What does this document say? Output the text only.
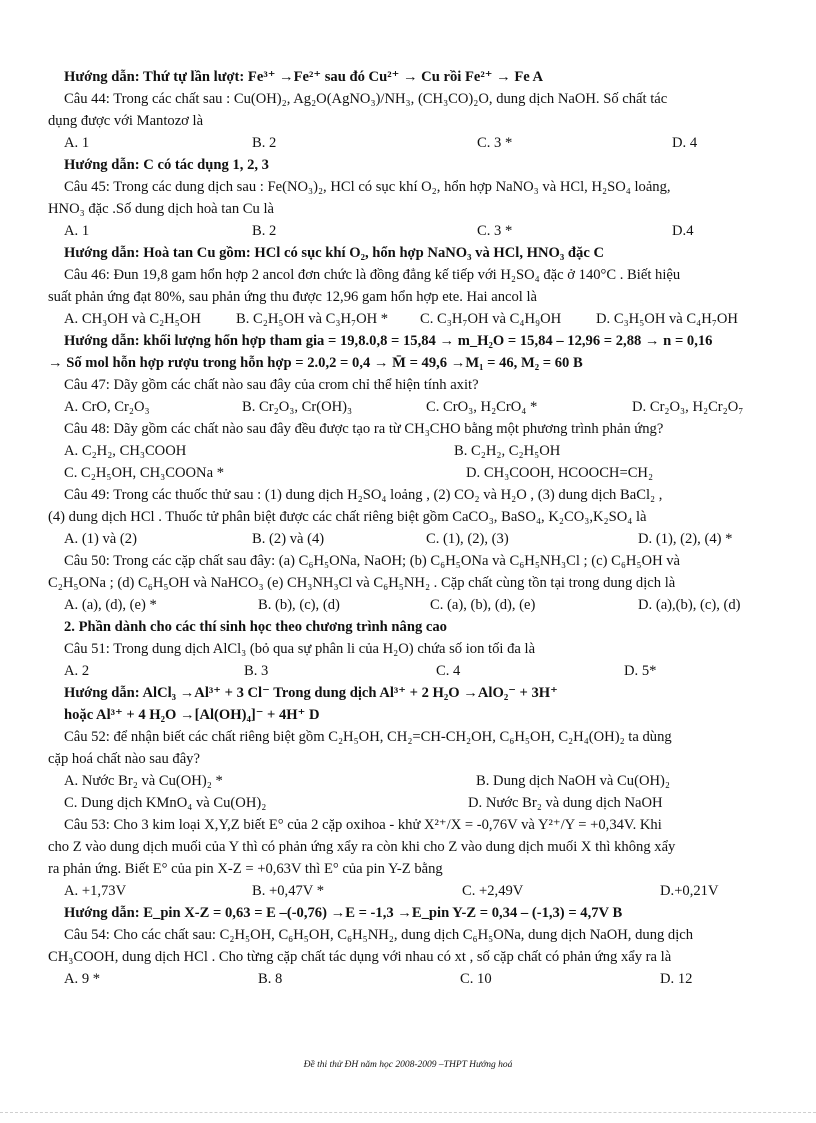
Hướng dẫn: Thứ tự lần lượt: Fe³⁺ →Fe²⁺ sau đó Cu²⁺ → Cu rồi Fe²⁺ → Fe A
Câu 44: Trong các chất sau : Cu(OH)₂, Ag₂O(AgNO₃)/NH₃, (CH₃CO)₂O, dung dịch NaOH. Số chất tác
dụng được với Mantozơ là
A. 1	B. 2	C. 3 *	D. 4
Hướng dẫn: C có tác dụng 1, 2, 3
Câu 45: Trong các dung dịch sau : Fe(NO₃)₂, HCl có sục khí O₂, hổn hợp NaNO₃ và HCl, H₂SO₄ loảng,
HNO₃ đặc .Số dung dịch hoà tan Cu là
A. 1	B. 2	C. 3 *	D.4
Hướng dẫn: Hoà tan Cu gồm: HCl có sục khí O₂, hổn hợp NaNO₃ và HCl, HNO₃ đặc C
Câu 46: Đun 19,8 gam hổn hợp 2 ancol đơn chức là đồng đẳng kế tiếp với H₂SO₄ đặc ở 140°C . Biết hiệu
suất phản ứng đạt 80%, sau phản ứng thu được 12,96 gam hổn hợp ete. Hai ancol là
A. CH₃OH và C₂H₅OH B. C₂H₅OH và C₃H₇OH * C. C₃H₇OH và C₄H₉OH D. C₃H₅OH và C₄H₇OH
Hướng dẫn: khối lượng hổn hợp tham gia = 19,8.0,8 = 15,84 → m_H₂O = 15,84 – 12,96 = 2,88 → n = 0,16
→ Số mol hỗn hợp rượu trong hỗn hợp = 2.0,2 = 0,4 → M̄ = 49,6 →M₁ = 46, M₂ = 60 B
Câu 47: Dãy gồm các chất nào sau đây của crom chỉ thể hiện tính axit?
A. CrO, Cr₂O₃	B. Cr₂O₃, Cr(OH)₃	C. CrO₃, H₂CrO₄ *	D. Cr₂O₃, H₂Cr₂O₇
Câu 48: Dãy gồm các chất nào sau đây đều được tạo ra từ CH₃CHO bằng một phương trình phản ứng?
A. C₂H₂, CH₃COOH	B. C₂H₂, C₂H₅OH
C. C₂H₅OH, CH₃COONa *	D. CH₃COOH, HCOOCH=CH₂
Câu 49: Trong các thuốc thử sau : (1) dung dịch H₂SO₄ loảng , (2) CO₂ và H₂O , (3) dung dịch BaCl₂ ,
(4) dung dịch HCl . Thuốc tử phân biệt được các chất riêng biệt gồm CaCO₃, BaSO₄, K₂CO₃,K₂SO₄ là
A. (1) và (2)	B. (2) và (4)	C. (1), (2), (3)	D. (1), (2), (4) *
Câu 50: Trong các cặp chất sau đây: (a) C₆H₅ONa, NaOH; (b) C₆H₅ONa và C₆H₅NH₃Cl ; (c) C₆H₅OH và
C₂H₅ONa ; (d) C₆H₅OH và NaHCO₃ (e) CH₃NH₃Cl và C₆H₅NH₂ . Cặp chất cùng tồn tại trong dung dịch là
A. (a), (d), (e) *	B. (b), (c), (d)	C. (a), (b), (d), (e)	D. (a),(b), (c), (d)
2. Phần dành cho các thí sinh học theo chương trình nâng cao
Câu 51: Trong dung dịch AlCl₃ (bỏ qua sự phân li của H₂O) chứa số ion tối đa là
A. 2	B. 3	C. 4	D. 5*
Hướng dẫn: AlCl₃ →Al³⁺ + 3 Cl⁻ Trong dung dịch Al³⁺ + 2 H₂O →AlO₂⁻ + 3H⁺
hoặc Al³⁺ + 4 H₂O →[Al(OH)₄]⁻ + 4H⁺ D
Câu 52: để nhận biết các chất riêng biệt gồm C₂H₅OH, CH₂=CH-CH₂OH, C₆H₅OH, C₂H₄(OH)₂ ta dùng
cặp hoá chất nào sau đây?
A. Nước Br₂ và Cu(OH)₂ *	B. Dung dịch NaOH và Cu(OH)₂
C. Dung dịch KMnO₄ và Cu(OH)₂	D. Nước Br₂ và dung dịch NaOH
Câu 53: Cho 3 kim loại X,Y,Z biết E° của 2 cặp oxihoa - khử X²⁺/X = -0,76V và Y²⁺/Y = +0,34V. Khi
cho Z vào dung dịch muối của Y thì có phản ứng xẩy ra còn khi cho Z vào dung dịch muối X thì không xẩy
ra phản ứng. Biết E° của pin X-Z = +0,63V thì E° của pin Y-Z bằng
A. +1,73V	B. +0,47V *	C. +2,49V	D.+0,21V
Hướng dẫn: E_pin X-Z = 0,63 = E –(-0,76) →E = -1,3 →E_pin Y-Z = 0,34 – (-1,3) = 4,7V B
Câu 54: Cho các chất sau: C₂H₅OH, C₆H₅OH, C₆H₅NH₂, dung dịch C₆H₅ONa, dung dịch NaOH, dung dịch
CH₃COOH, dung dịch HCl . Cho từng cặp chất tác dụng với nhau có xt , số cặp chất có phản ứng xẩy ra là
A. 9 *	B. 8	C. 10	D. 12
Đề thi thử ĐH năm học 2008-2009 –THPT Hướng hoá
